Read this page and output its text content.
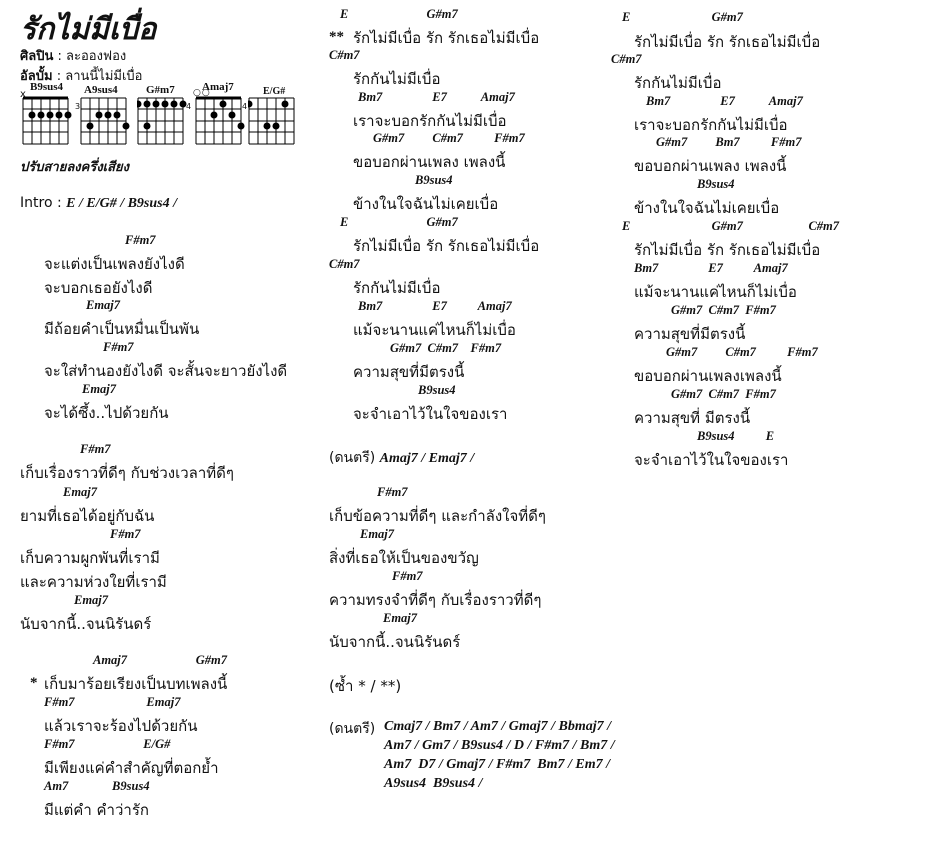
รักไม่มีเบื่อ
ศิลปิน : ละอองฟอง
อัลบั้ม : ลานนี้ไม่มีเบื่อ
B9sus4
x	A9sus4
3
G#m7
4
Amaj7
○○	E/G#
4
ปรับสายลงครึ่งเสียง
Intro : E / E/G# / B9sus4 /
F#m7
จะแต่งเป็นเพลงยังไงดี
จะบอกเธอยังไงดี
Emaj7
มีถ้อยคำเป็นหมื่นเป็นพัน
F#m7
จะใส่ทำนองยังไงดี จะสั้นจะยาวยังไงดี
Emaj7
จะได้ซึ้ง..ไปด้วยกัน
F#m7
เก็บเรื่องราวที่ดีๆ กับช่วงเวลาที่ดีๆ
Emaj7
ยามที่เธอได้อยู่กับฉัน
F#m7
เก็บความผูกพันที่เรามี
และความห่วงใยที่เรามี
Emaj7
นับจากนี้..จนนิรันดร์
Amaj7                      G#m7
* เก็บมาร้อยเรียงเป็นบทเพลงนี้
F#m7                       Emaj7
แล้วเราจะร้องไปด้วยกัน
F#m7                      E/G#
มีเพียงแค่คำสำคัญที่ตอกย้ำ
Am7              B9sus4
มีแต่คำ คำว่ารัก
E                         G#m7
** รักไม่มีเบื่อ รัก รักเธอไม่มีเบื่อ
C#m7
รักกันไม่มีเบื่อ
Bm7                E7           Amaj7
เราจะบอกรักกันไม่มีเบื่อ
G#m7         C#m7          F#m7
ขอบอกผ่านเพลง เพลงนี้
B9sus4
ข้างในใจฉันไม่เคยเบื่อ
E                         G#m7
รักไม่มีเบื่อ รัก รักเธอไม่มีเบื่อ
C#m7
รักกันไม่มีเบื่อ
Bm7                E7          Amaj7
แม้จะนานแค่ไหนก็ไม่เบื่อ
G#m7  C#m7    F#m7
ความสุขที่มีตรงนี้
B9sus4
จะจำเอาไว้ในใจของเรา
(ดนตรี) Amaj7 / Emaj7 /
F#m7
เก็บข้อความที่ดีๆ และกำลังใจที่ดีๆ
Emaj7
สิ่งที่เธอให้เป็นของขวัญ
F#m7
ความทรงจำที่ดีๆ กับเรื่องราวที่ดีๆ
Emaj7
นับจากนี้..จนนิรันดร์
(ซ้ำ * / **)
(ดนตรี) Cmaj7 / Bm7 / Am7 / Gmaj7 / Bbmaj7 /
Am7 / Gm7 / B9sus4 / D / F#m7 / Bm7 /
Am7  D7 / Gmaj7 / F#m7  Bm7 / Em7 /
A9sus4  B9sus4 /
E                          G#m7
รักไม่มีเบื่อ รัก รักเธอไม่มีเบื่อ
C#m7
รักกันไม่มีเบื่อ
Bm7                E7           Amaj7
เราจะบอกรักกันไม่มีเบื่อ
G#m7         Bm7          F#m7
ขอบอกผ่านเพลง เพลงนี้
B9sus4
ข้างในใจฉันไม่เคยเบื่อ
E                          G#m7                     C#m7
รักไม่มีเบื่อ รัก รักเธอไม่มีเบื่อ
Bm7                E7          Amaj7
แม้จะนานแค่ไหนก็ไม่เบื่อ
G#m7  C#m7  F#m7
ความสุขที่มีตรงนี้
G#m7         C#m7          F#m7
ขอบอกผ่านเพลงเพลงนี้
G#m7  C#m7  F#m7
ความสุขที่ มีตรงนี้
B9sus4          E
จะจำเอาไว้ในใจของเรา
